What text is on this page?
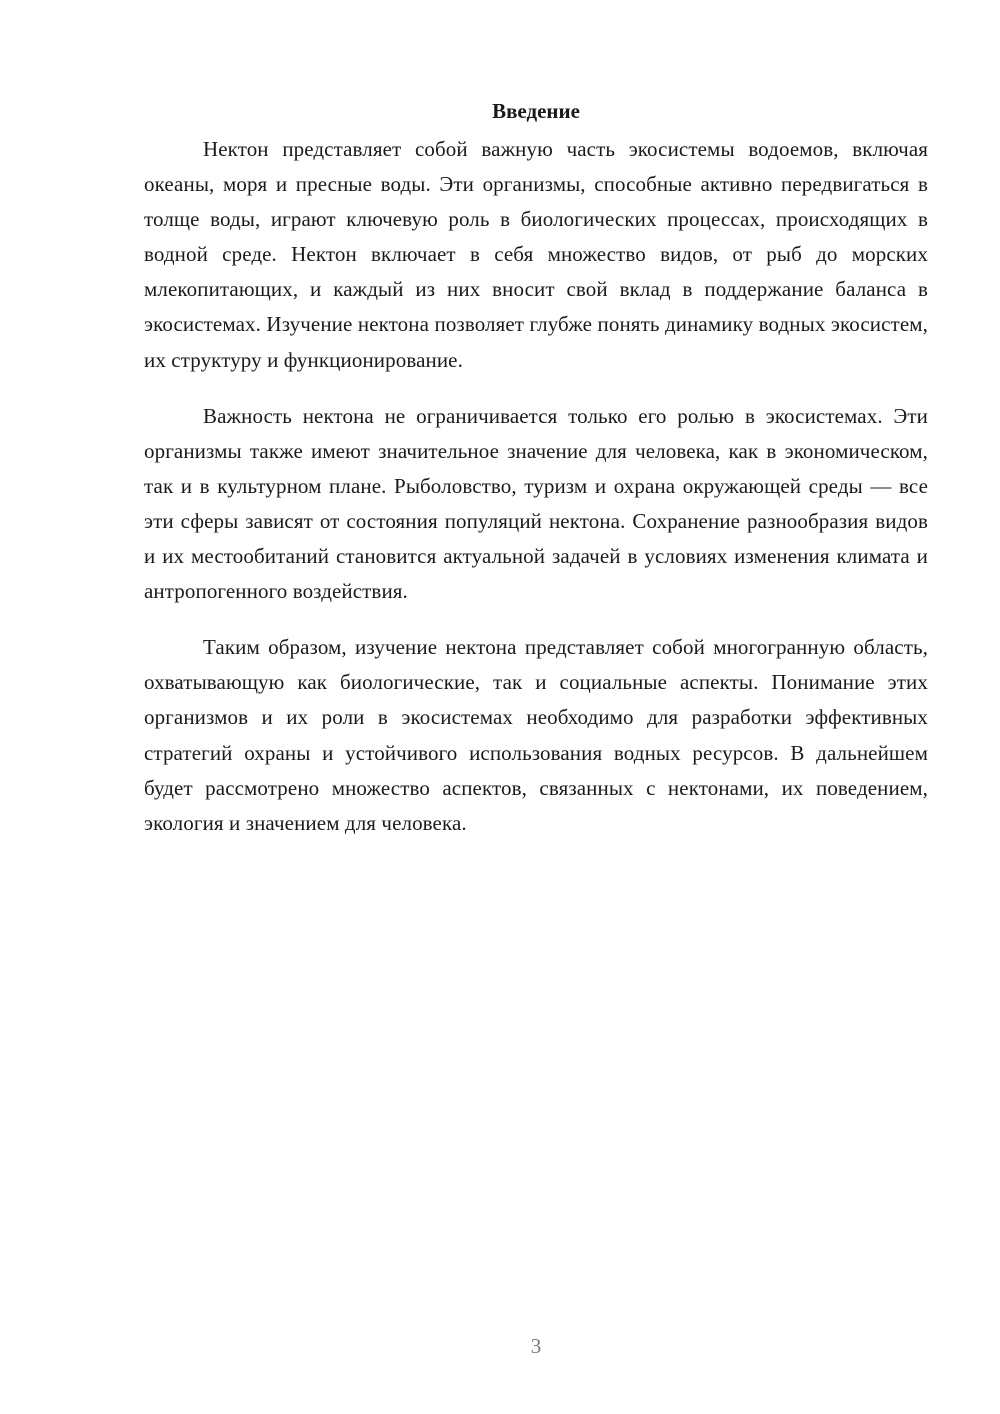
Введение

Нектон представляет собой важную часть экосистемы водоемов, включая океаны, моря и пресные воды. Эти организмы, способные активно передвигаться в толще воды, играют ключевую роль в биологических процессах, происходящих в водной среде. Нектон включает в себя множество видов, от рыб до морских млекопитающих, и каждый из них вносит свой вклад в поддержание баланса в экосистемах. Изучение нектона позволяет глубже понять динамику водных экосистем, их структуру и функционирование.

Важность нектона не ограничивается только его ролью в экосистемах. Эти организмы также имеют значительное значение для человека, как в экономическом, так и в культурном плане. Рыболовство, туризм и охрана окружающей среды — все эти сферы зависят от состояния популяций нектона. Сохранение разнообразия видов и их местообитаний становится актуальной задачей в условиях изменения климата и антропогенного воздействия.

Таким образом, изучение нектона представляет собой многогранную область, охватывающую как биологические, так и социальные аспекты. Понимание этих организмов и их роли в экосистемах необходимо для разработки эффективных стратегий охраны и устойчивого использования водных ресурсов. В дальнейшем будет рассмотрено множество аспектов, связанных с нектонами, их поведением, экология и значением для человека.

3
